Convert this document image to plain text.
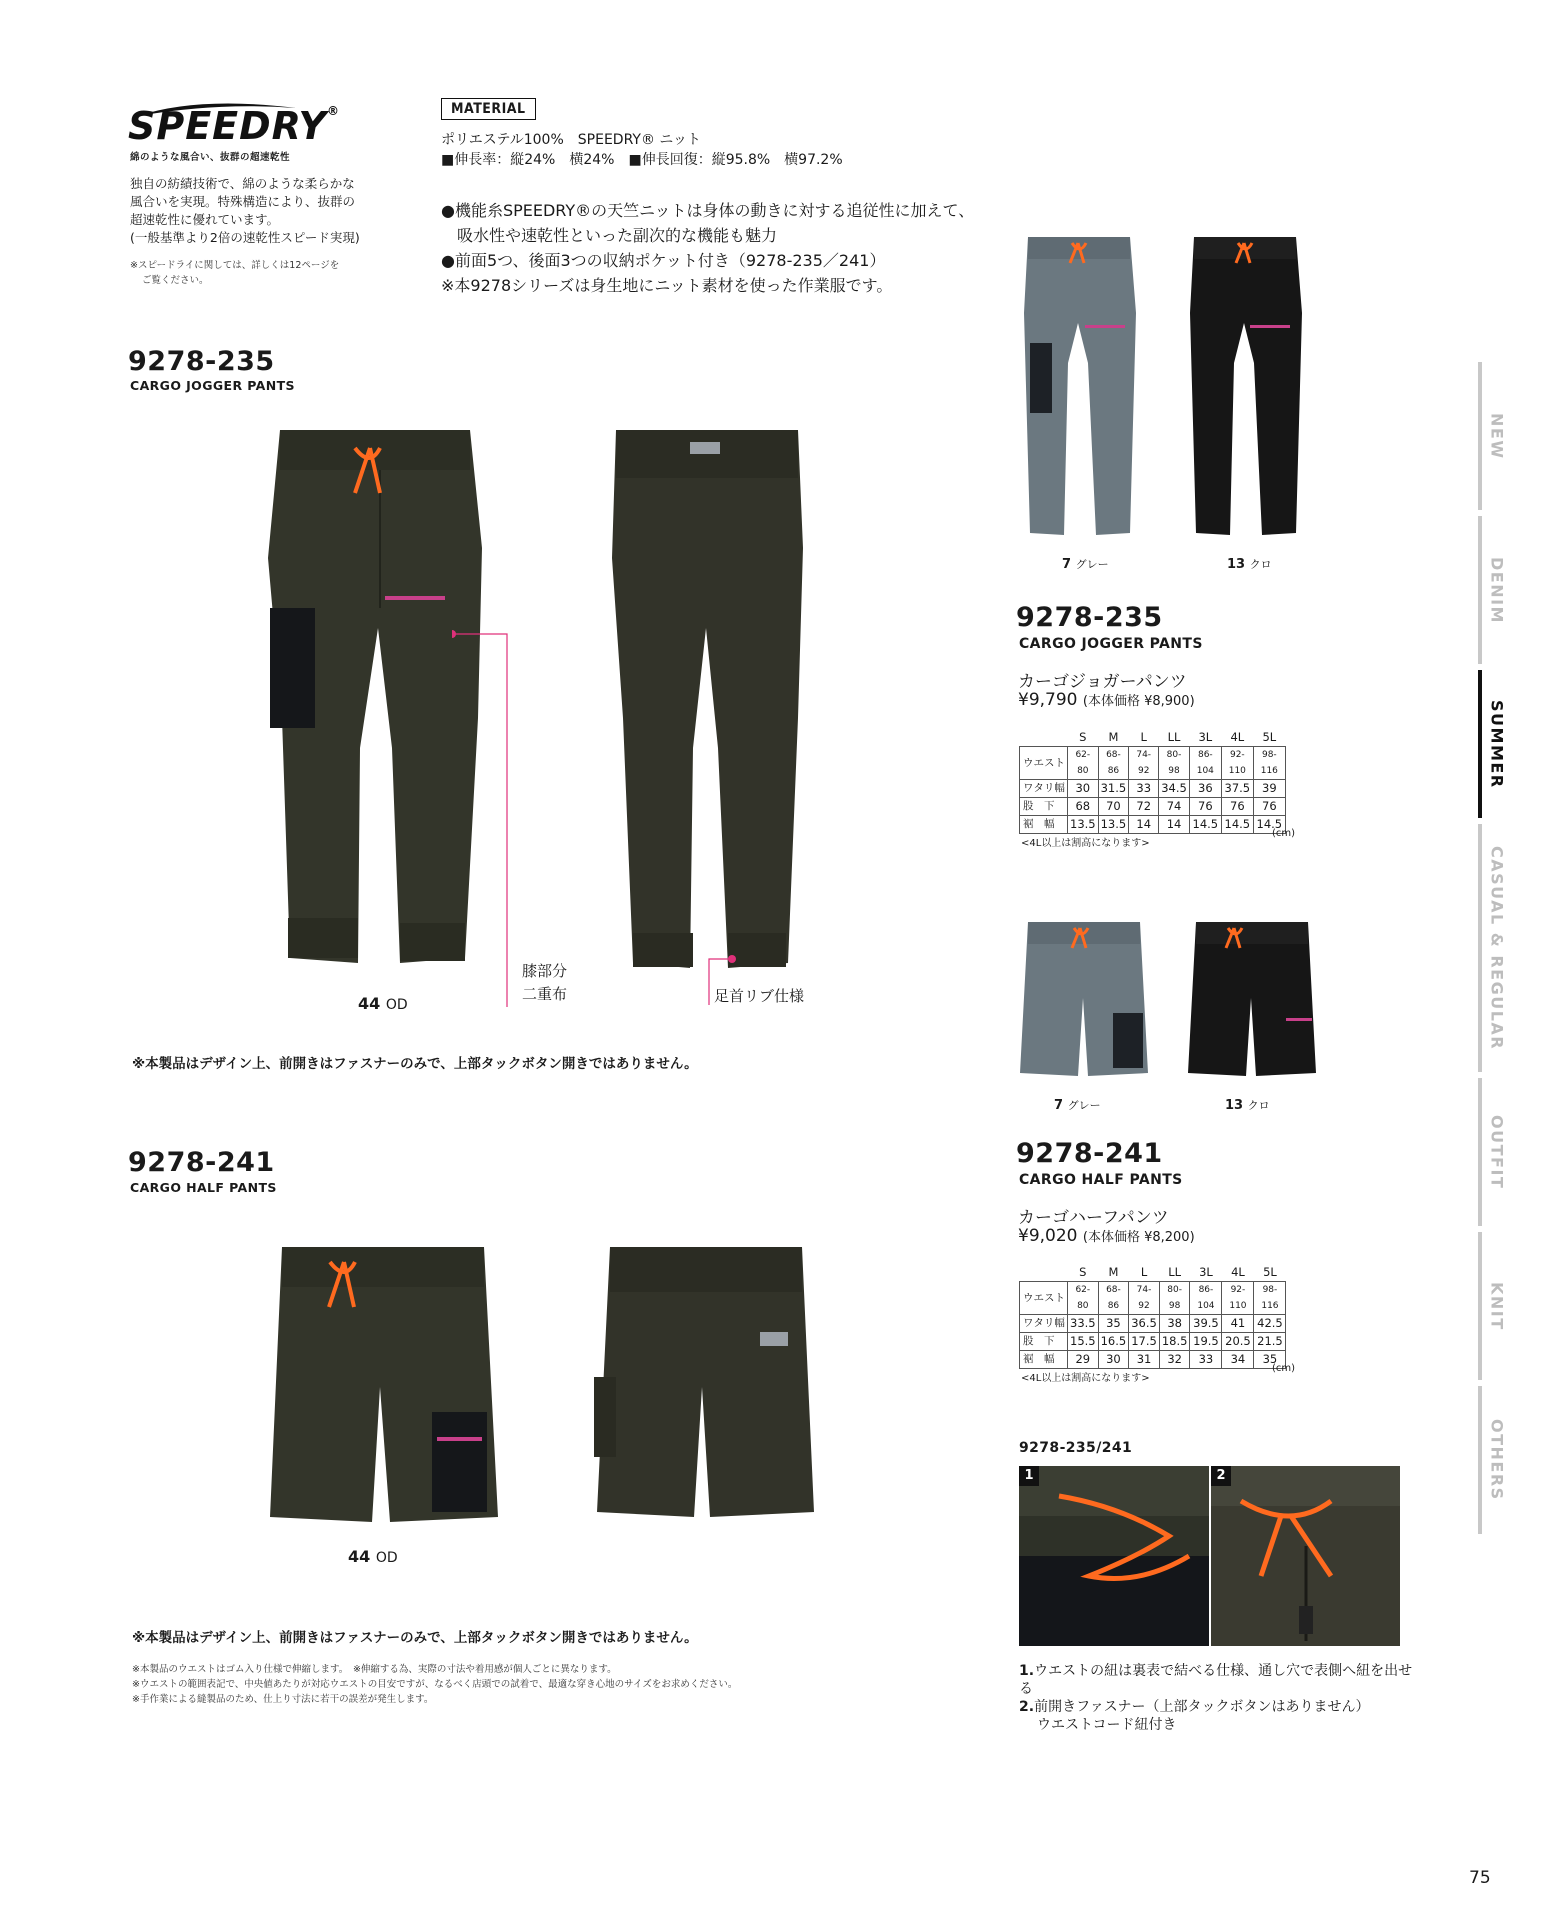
SPEEDRY®
綿のような風合い、抜群の超速乾性
独自の紡績技術で、綿のような柔らかな
風合いを実現。特殊構造により、抜群の
超速乾性に優れています。
(一般基準より2倍の速乾性スピード実現)
※スピードライに関しては、詳しくは12ページを
ご覧ください。
MATERIAL
ポリエステル100%　SPEEDRY® ニット
■伸長率：縦24%　横24%　■伸長回復：縦95.8%　横97.2%
●機能糸SPEEDRY®の天竺ニットは身体の動きに対する追従性に加えて、
　吸水性や速乾性といった副次的な機能も魅力
●前面5つ、後面3つの収納ポケット付き（9278-235／241）
※本9278シリーズは身生地にニット素材を使った作業服です。
9278-235
CARGO JOGGER PANTS
膝部分
二重布	足首リブ仕様
44 OD
※本製品はデザイン上、前開きはファスナーのみで、上部タックボタン開きではありません。
9278-241
CARGO HALF PANTS
44 OD
※本製品はデザイン上、前開きはファスナーのみで、上部タックボタン開きではありません。
※本製品のウエストはゴム入り仕様で伸縮します。　※伸縮する為、実際の寸法や着用感が個人ごとに異なります。
※ウエストの範囲表記で、中央値あたりが対応ウエストの目安ですが、なるべく店頭での試着で、最適な穿き心地のサイズをお求めください。
※手作業による縫製品のため、仕上り寸法に若干の誤差が発生します。
7 グレー	13 クロ
9278-235
CARGO JOGGER PANTS
カーゴジョガーパンツ
¥9,790 (本体価格 ¥8,900)
	S	M	L	LL	3L	4L	5L
ウエスト	62-80	68-86	74-92	80-98	86-104	92-110	98-116
ワタリ幅	30	31.5	33	34.5	36	37.5	39
股　下	68	70	72	74	76	76	76
裾　幅	13.5	13.5	14	14	14.5	14.5	14.5
<4L以上は割高になります>
(cm)
7 グレー	13 クロ
9278-241
CARGO HALF PANTS
カーゴハーフパンツ
¥9,020 (本体価格 ¥8,200)
	S	M	L	LL	3L	4L	5L
ウエスト	62-80	68-86	74-92	80-98	86-104	92-110	98-116
ワタリ幅	33.5	35	36.5	38	39.5	41	42.5
股　下	15.5	16.5	17.5	18.5	19.5	20.5	21.5
裾　幅	29	30	31	32	33	34	35
<4L以上は割高になります>
(cm)
9278-235/241
1	2
1.ウエストの紐は裏表で結べる仕様、通し穴で表側へ紐を出せる
2.前開きファスナー（上部タックボタンはありません）
ウエストコード紐付き
NEW
DENIM
SUMMER
CASUAL & REGULAR
OUTFIT
KNIT
OTHERS
75
